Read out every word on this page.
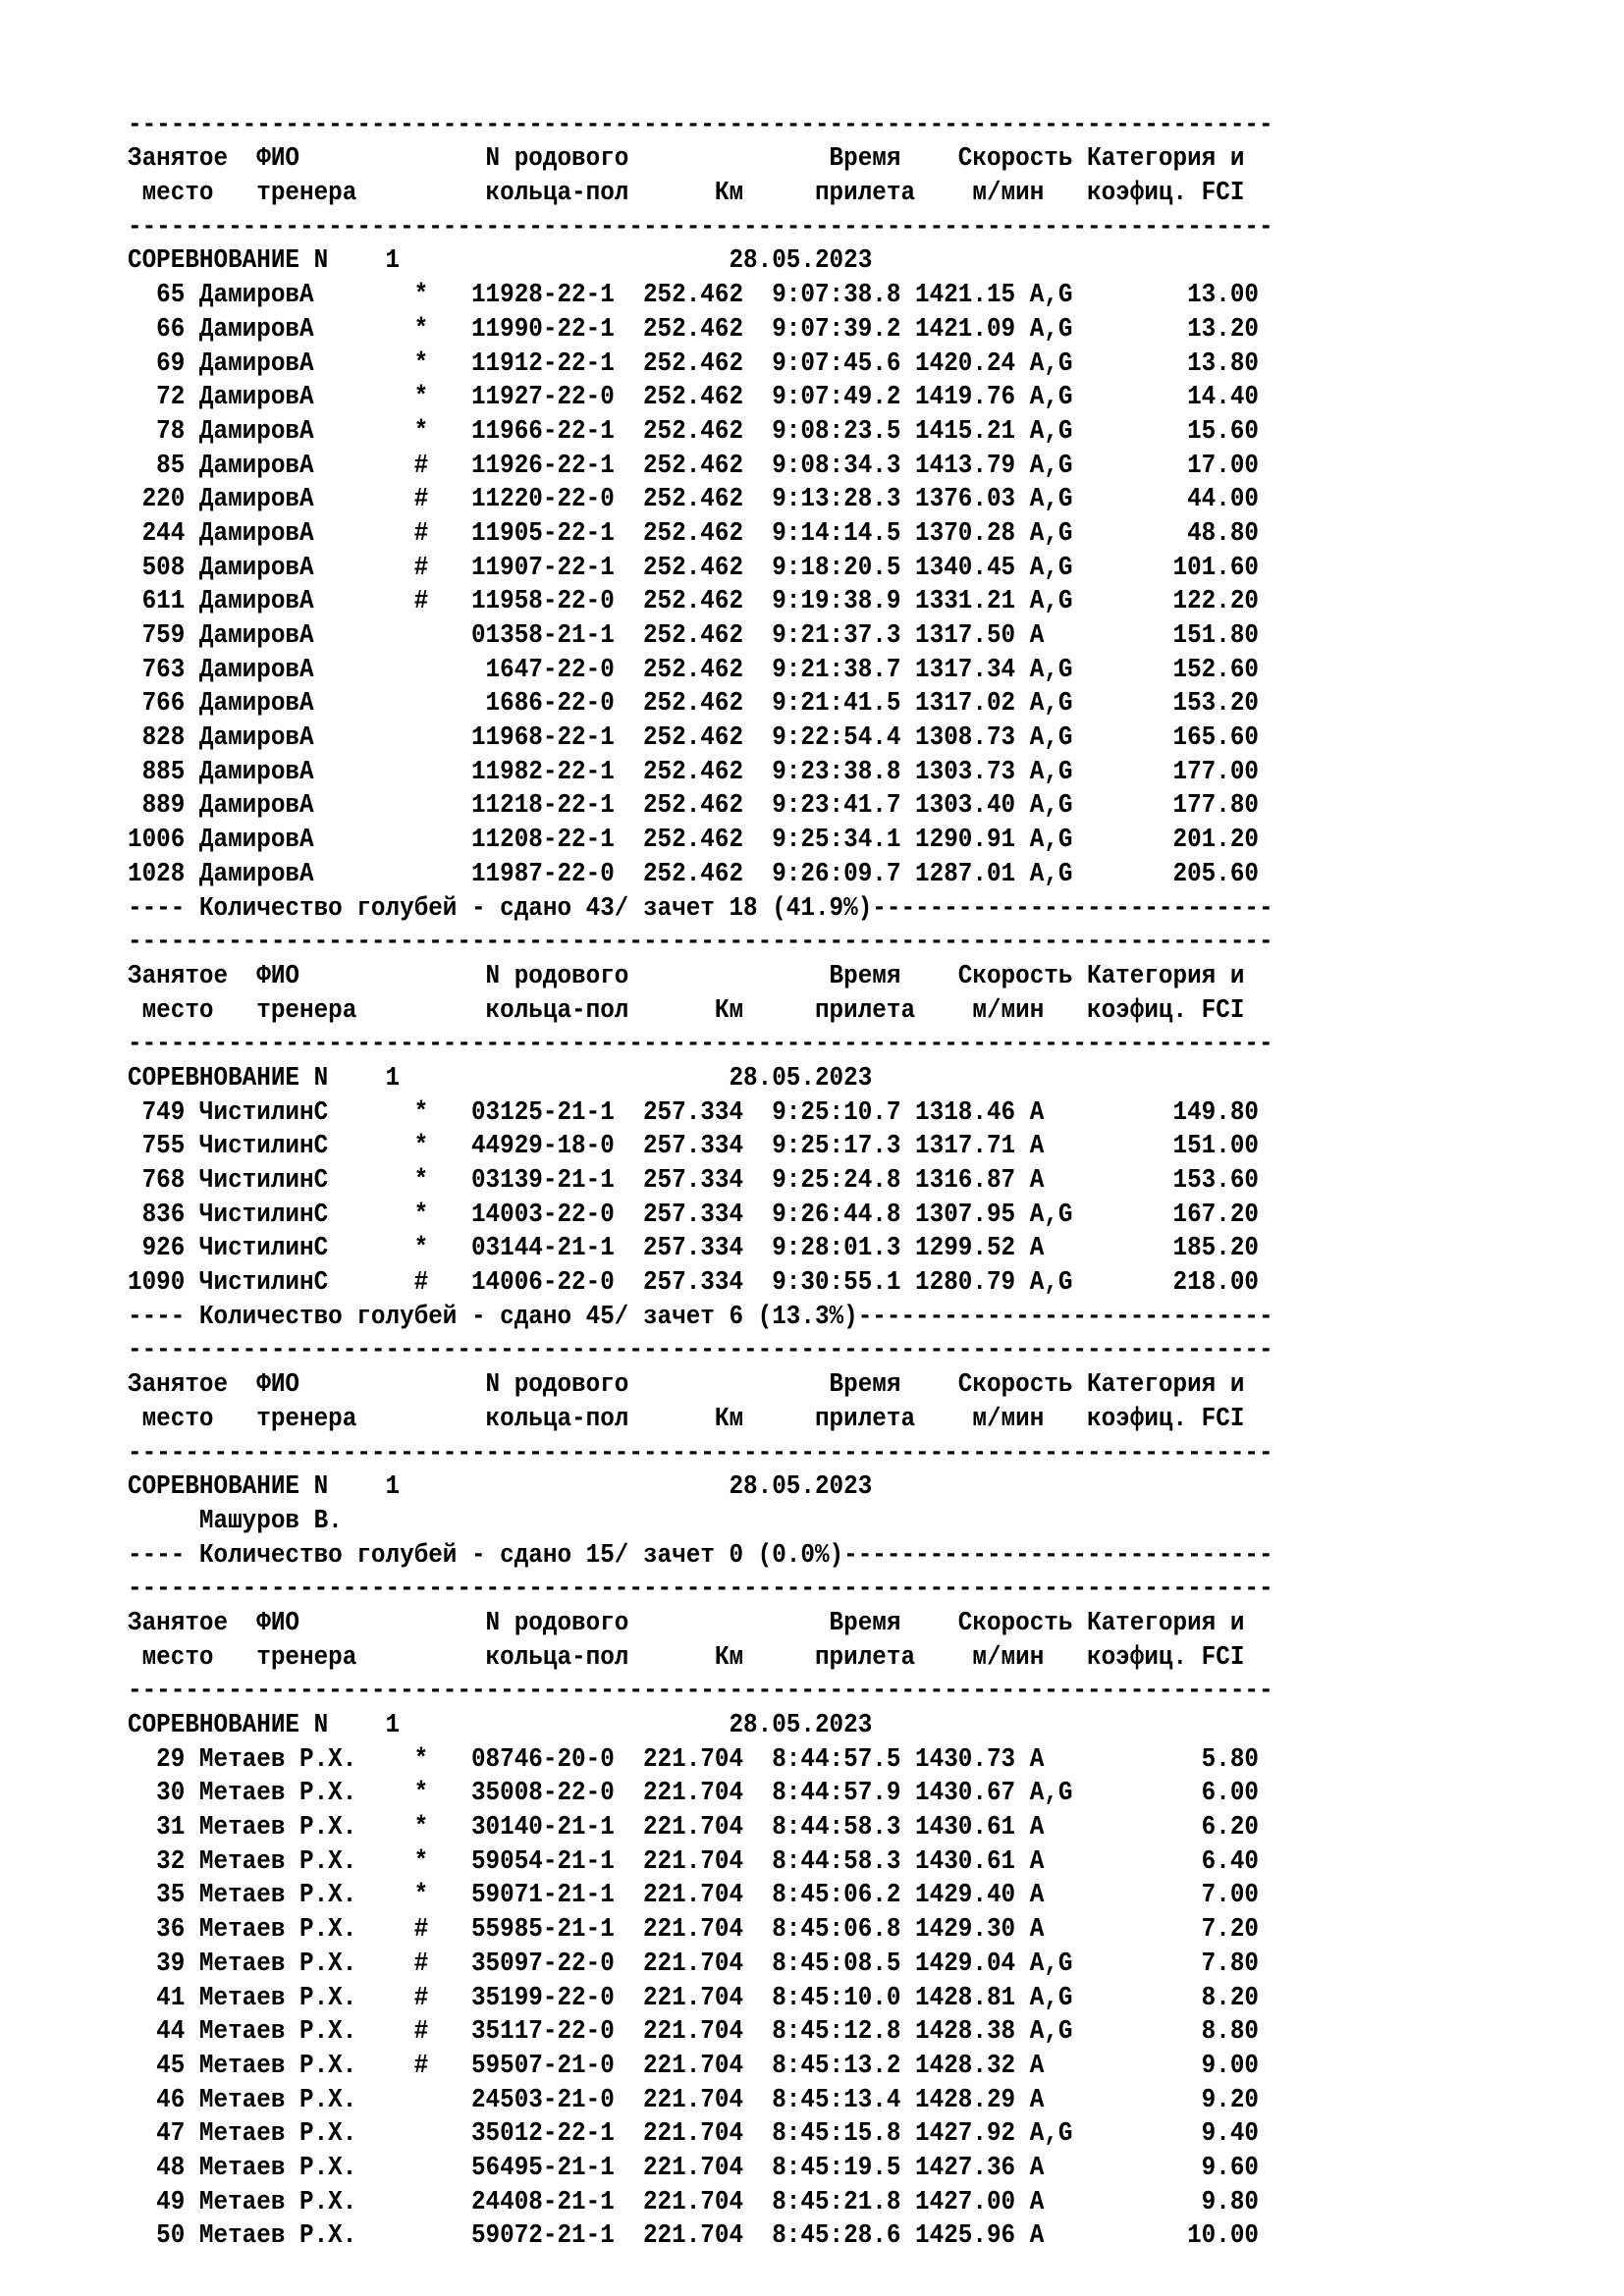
--------------------------------------------------------------------------------
Занятое  ФИО             N родового              Время    Скорость Категория и
место   тренера         кольца-пол      Км     прилета    м/мин   коэфиц. FCI
--------------------------------------------------------------------------------
СОРЕВНОВАНИЕ N    1                       28.05.2023
65 ДамировА       *   11928-22-1  252.462  9:07:38.8 1421.15 A,G        13.00
66 ДамировА       *   11990-22-1  252.462  9:07:39.2 1421.09 A,G        13.20
69 ДамировА       *   11912-22-1  252.462  9:07:45.6 1420.24 A,G        13.80
72 ДамировА       *   11927-22-0  252.462  9:07:49.2 1419.76 A,G        14.40
78 ДамировА       *   11966-22-1  252.462  9:08:23.5 1415.21 A,G        15.60
85 ДамировА       #   11926-22-1  252.462  9:08:34.3 1413.79 A,G        17.00
220 ДамировА       #   11220-22-0  252.462  9:13:28.3 1376.03 A,G        44.00
244 ДамировА       #   11905-22-1  252.462  9:14:14.5 1370.28 A,G        48.80
508 ДамировА       #   11907-22-1  252.462  9:18:20.5 1340.45 A,G       101.60
611 ДамировА       #   11958-22-0  252.462  9:19:38.9 1331.21 A,G       122.20
759 ДамировА           01358-21-1  252.462  9:21:37.3 1317.50 A         151.80
763 ДамировА            1647-22-0  252.462  9:21:38.7 1317.34 A,G       152.60
766 ДамировА            1686-22-0  252.462  9:21:41.5 1317.02 A,G       153.20
828 ДамировА           11968-22-1  252.462  9:22:54.4 1308.73 A,G       165.60
885 ДамировА           11982-22-1  252.462  9:23:38.8 1303.73 A,G       177.00
889 ДамировА           11218-22-1  252.462  9:23:41.7 1303.40 A,G       177.80
1006 ДамировА           11208-22-1  252.462  9:25:34.1 1290.91 A,G       201.20
1028 ДамировА           11987-22-0  252.462  9:26:09.7 1287.01 A,G       205.60
---- Количество голубей - сдано 43/ зачет 18 (41.9%)----------------------------
--------------------------------------------------------------------------------
Занятое  ФИО             N родового              Время    Скорость Категория и
место   тренера         кольца-пол      Км     прилета    м/мин   коэфиц. FCI
--------------------------------------------------------------------------------
СОРЕВНОВАНИЕ N    1                       28.05.2023
749 ЧистилинС      *   03125-21-1  257.334  9:25:10.7 1318.46 A         149.80
755 ЧистилинС      *   44929-18-0  257.334  9:25:17.3 1317.71 A         151.00
768 ЧистилинС      *   03139-21-1  257.334  9:25:24.8 1316.87 A         153.60
836 ЧистилинС      *   14003-22-0  257.334  9:26:44.8 1307.95 A,G       167.20
926 ЧистилинС      *   03144-21-1  257.334  9:28:01.3 1299.52 A         185.20
1090 ЧистилинС      #   14006-22-0  257.334  9:30:55.1 1280.79 A,G       218.00
---- Количество голубей - сдано 45/ зачет 6 (13.3%)-----------------------------
--------------------------------------------------------------------------------
Занятое  ФИО             N родового              Время    Скорость Категория и
место   тренера         кольца-пол      Км     прилета    м/мин   коэфиц. FCI
--------------------------------------------------------------------------------
СОРЕВНОВАНИЕ N    1                       28.05.2023
Машуров В.
---- Количество голубей - сдано 15/ зачет 0 (0.0%)------------------------------
--------------------------------------------------------------------------------
Занятое  ФИО             N родового              Время    Скорость Категория и
место   тренера         кольца-пол      Км     прилета    м/мин   коэфиц. FCI
--------------------------------------------------------------------------------
СОРЕВНОВАНИЕ N    1                       28.05.2023
29 Метаев Р.Х.    *   08746-20-0  221.704  8:44:57.5 1430.73 A           5.80
30 Метаев Р.Х.    *   35008-22-0  221.704  8:44:57.9 1430.67 A,G         6.00
31 Метаев Р.Х.    *   30140-21-1  221.704  8:44:58.3 1430.61 A           6.20
32 Метаев Р.Х.    *   59054-21-1  221.704  8:44:58.3 1430.61 A           6.40
35 Метаев Р.Х.    *   59071-21-1  221.704  8:45:06.2 1429.40 A           7.00
36 Метаев Р.Х.    #   55985-21-1  221.704  8:45:06.8 1429.30 A           7.20
39 Метаев Р.Х.    #   35097-22-0  221.704  8:45:08.5 1429.04 A,G         7.80
41 Метаев Р.Х.    #   35199-22-0  221.704  8:45:10.0 1428.81 A,G         8.20
44 Метаев Р.Х.    #   35117-22-0  221.704  8:45:12.8 1428.38 A,G         8.80
45 Метаев Р.Х.    #   59507-21-0  221.704  8:45:13.2 1428.32 A           9.00
46 Метаев Р.Х.        24503-21-0  221.704  8:45:13.4 1428.29 A           9.20
47 Метаев Р.Х.        35012-22-1  221.704  8:45:15.8 1427.92 A,G         9.40
48 Метаев Р.Х.        56495-21-1  221.704  8:45:19.5 1427.36 A           9.60
49 Метаев Р.Х.        24408-21-1  221.704  8:45:21.8 1427.00 A           9.80
50 Метаев Р.Х.        59072-21-1  221.704  8:45:28.6 1425.96 A          10.00
